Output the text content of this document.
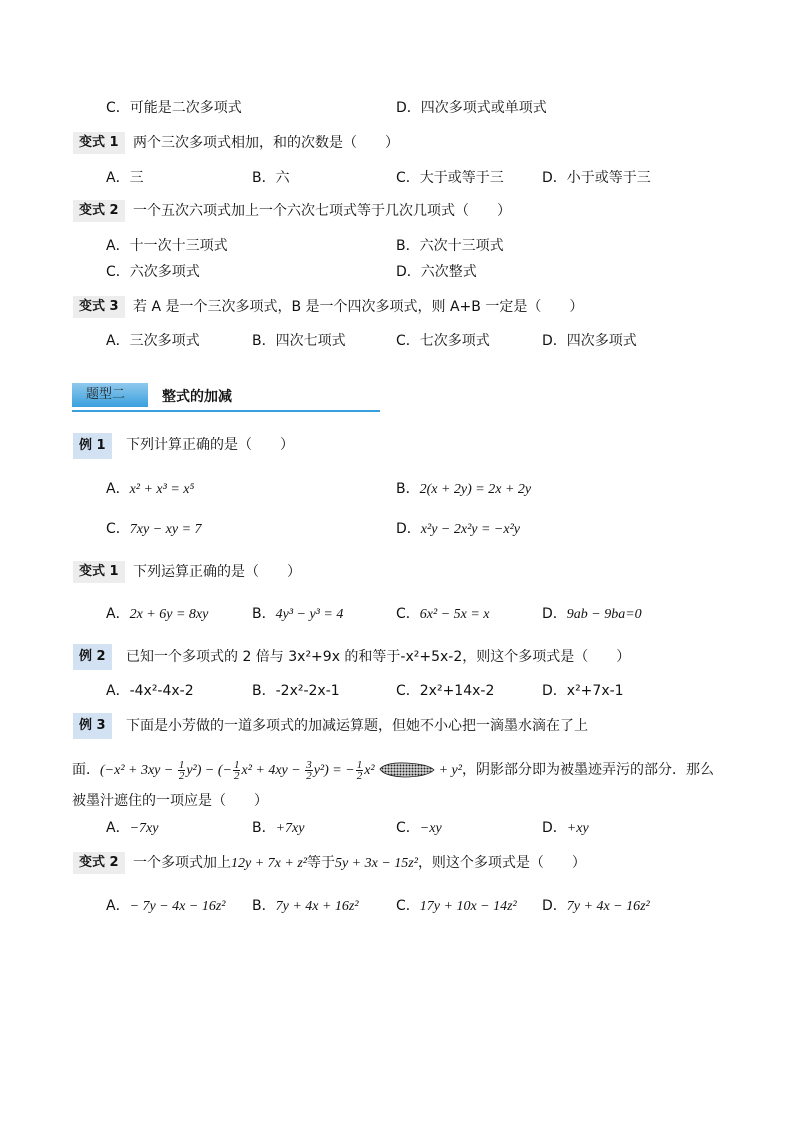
C．可能是二次多项式	D．四次多项式或单项式
变式 1	两个三次多项式相加，和的次数是（　　）
A．三	B．六	C．大于或等于三	D．小于或等于三
变式 2	一个五次六项式加上一个六次七项式等于几次几项式（　　）
A．十一次十三项式	B．六次十三项式
C．六次多项式	D．六次整式
变式 3	若 A 是一个三次多项式，B 是一个四次多项式，则 A+B 一定是（　　）
A．三次多项式	B．四次七项式	C．七次多项式	D．四次多项式
题型二	整式的加减
例 1	下列计算正确的是（　　）
A．x² + x³ = x⁵	B．2(x + 2y) = 2x + 2y
C．7xy − xy = 7	D．x²y − 2x²y = −x²y
变式 1	下列运算正确的是（　　）
A．2x + 6y = 8xy	B．4y³ − y³ = 4	C．6x² − 5x = x	D．9ab − 9ba=0
例 2	已知一个多项式的 2 倍与 3x²+9x 的和等于-x²+5x-2，则这个多项式是（　　）
A．-4x²-4x-2	B．-2x²-2x-1	C．2x²+14x-2	D．x²+7x-1
例 3	下面是小芳做的一道多项式的加减运算题，但她不小心把一滴墨水滴在了上
面．$(-x^2 + 3xy - \frac{1}{2} y^2)$ − (− $\frac{1}{2} x^2 + 4xy - \frac{3}{2} y^2$) = − $\frac{1}{2} x^2$	+ y²，阴影部分即为被墨迹弄污的部分．那么
被墨汁遮住的一项应是（　　）
A．−7xy	B．+7xy	C．−xy	D．+xy
变式 2	一个多项式加上12y + 7x + z²等于5y + 3x − 15z²，则这个多项式是（　　）
A．− 7y − 4x − 16z² B．7y + 4x + 16z²	C．17y + 10x − 14z² D．7y + 4x − 16z²
